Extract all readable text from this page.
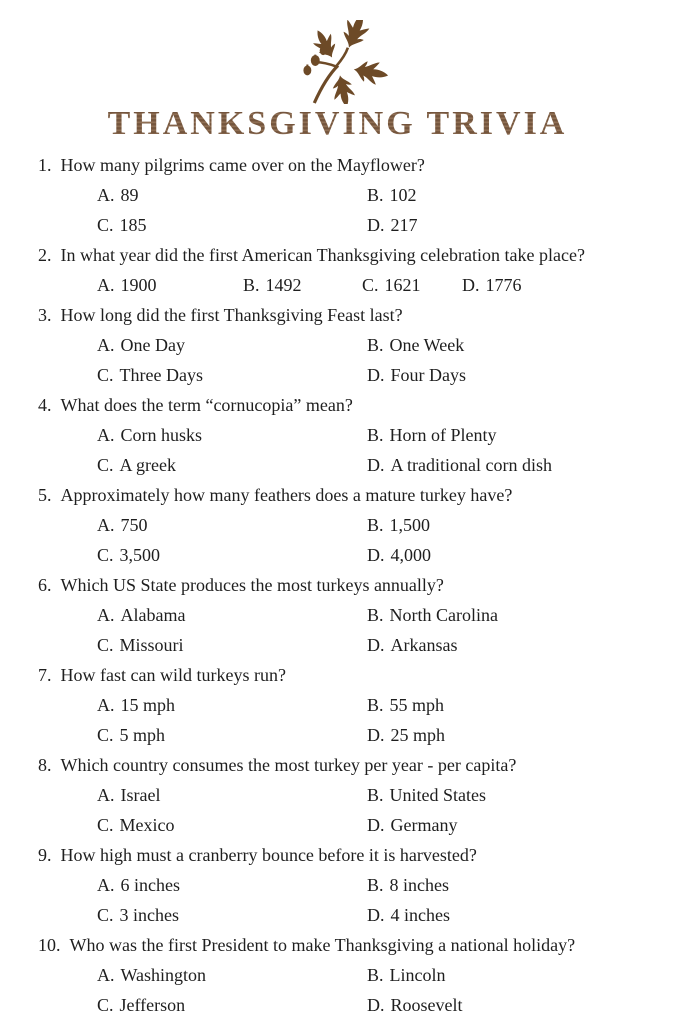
THANKSGIVING TRIVIA
1. How many pilgrims came over on the Mayflower?
A. 89	B. 102
C. 185	D. 217
2. In what year did the first American Thanksgiving celebration take place?
A. 1900	B. 1492	C. 1621	D. 1776
3. How long did the first Thanksgiving Feast last?
A. One Day	B. One Week
C. Three Days	D. Four Days
4. What does the term “cornucopia” mean?
A. Corn husks	B. Horn of Plenty
C. A greek	D. A traditional corn dish
5. Approximately how many feathers does a mature turkey have?
A. 750	B. 1,500
C. 3,500	D. 4,000
6. Which US State produces the most turkeys annually?
A. Alabama	B. North Carolina
C. Missouri	D. Arkansas
7. How fast can wild turkeys run?
A. 15 mph	B. 55 mph
C. 5 mph	D. 25 mph
8. Which country consumes the most turkey per year - per capita?
A. Israel	B. United States
C. Mexico	D. Germany
9. How high must a cranberry bounce before it is harvested?
A. 6 inches	B. 8 inches
C. 3 inches	D. 4 inches
10. Who was the first President to make Thanksgiving a national holiday?
A. Washington	B. Lincoln
C. Jefferson	D. Roosevelt
